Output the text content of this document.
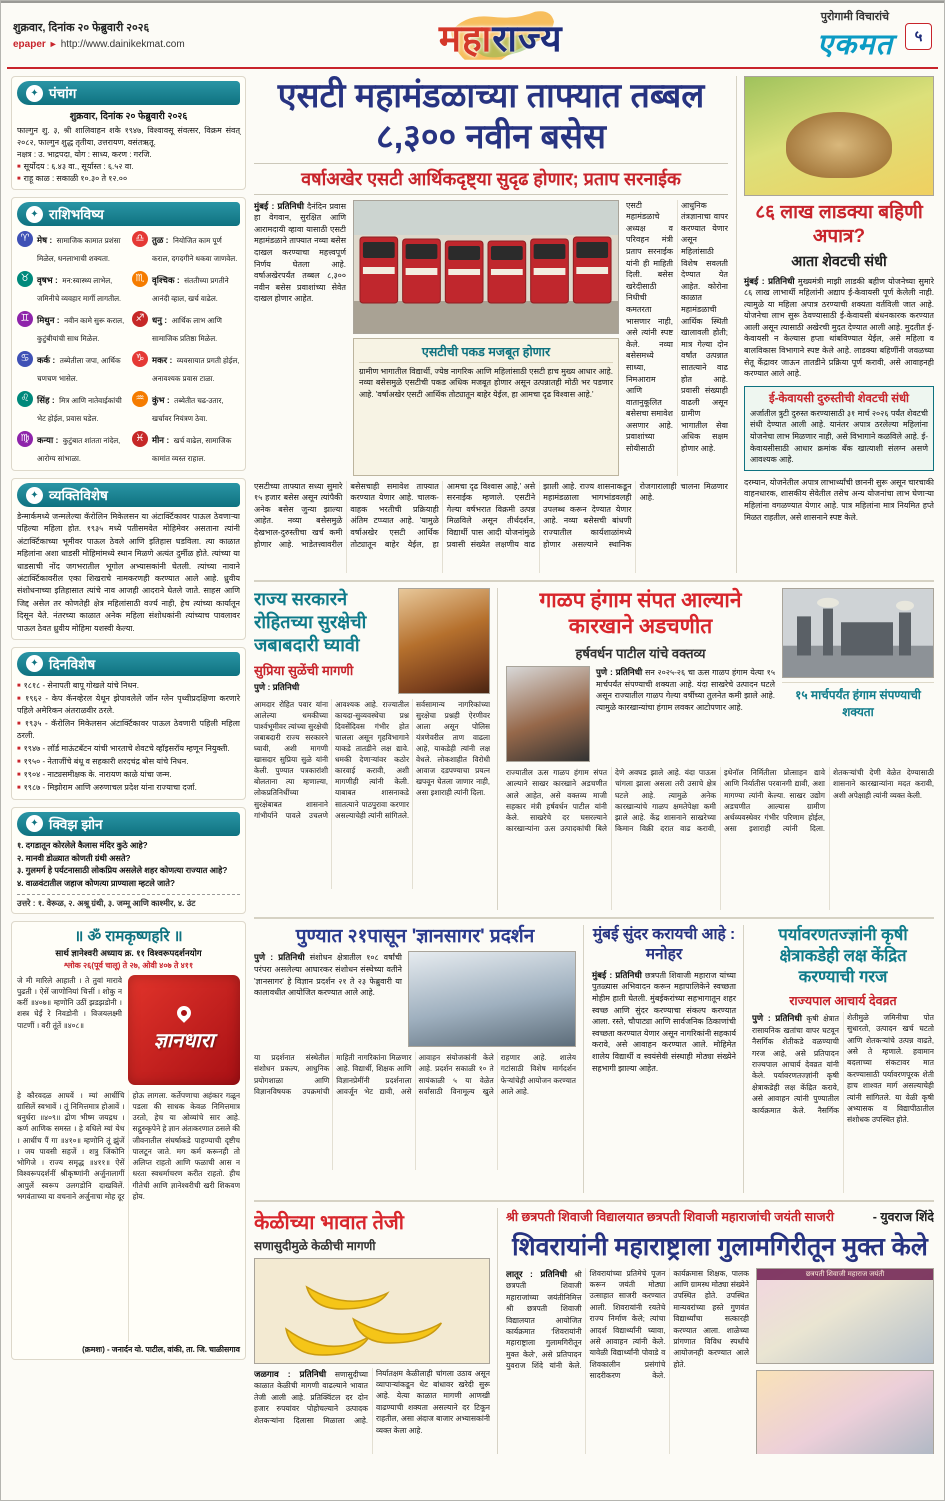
शुक्रवार, दिनांक २० फेब्रुवारी २०२६
epaper ► http://www.dainikekmat.com	महाराज्य
पुरोगामी विचारांचे
एकमत	५
✦ पंचांग
शुक्रवार, दिनांक २० फेब्रुवारी २०२६
फाल्गुन शु. ३, श्री शालिवाहन शके १९४७, विश्वावसू संवत्सर, विक्रम संवत् २०८२, फाल्गुन शुद्ध तृतीया, उत्तरायण, वसंतऋतू.
नक्षत्र : उ. भाद्रपदा, योग : साध्य, करण : गरजि.
■ सूर्योदय : ६.४३ वा., सूर्यास्त : ६.५२ वा.
■ राहू काळ : सकाळी १०.३० ते १२.००
✦ राशिभविष्य
♈ मेष : सामाजिक कामात प्रशंसा मिळेल, धनलाभाची शक्यता.
♎ तुळ : नियोजित काम पूर्ण कराल, दगदगीने थकवा जाणवेल.
♉ वृषभ : मन:स्वास्थ्य लाभेल, जमिनीचे व्यवहार मार्गी लागतील.
♏ वृश्चिक : संततीच्या प्रगतीने आनंदी व्हाल, खर्च वाढेल.
♊ मिथुन : नवीन कामे सुरू कराल, कुटुंबीयांची साथ मिळेल.
♐ धनु : आर्थिक लाभ आणि सामाजिक प्रतिष्ठा मिळेल.
♋ कर्क : तब्येतीला जपा, आर्थिक चणचण भासेल.
♑ मकर : व्यवसायात प्रगती होईल, अनावश्यक प्रवास टाळा.
♌ सिंह : मित्र आणि नातेवाईकांची भेट होईल, प्रवास घडेल.
♒ कुंभ : तब्येतीत चढ-उतार, खर्चावर नियंत्रण ठेवा.
♍ कन्या : कुटुंबात शांतता नांदेल, आरोग्य सांभाळा.
♓ मीन : खर्च वाढेल, सामाजिक कामांत व्यस्त राहाल.
✦ व्यक्तिविशेष
डेन्मार्कमध्ये जन्मलेल्या कॅरोलिन मिकेलसन या अंटार्क्टिकावर पाऊल ठेवणाऱ्या पहिल्या महिला होत. १९३५ मध्ये पतीसमवेत मोहिमेवर असताना त्यांनी अंटार्क्टिकाच्या भूमीवर पाऊल ठेवले आणि इतिहास घडविला. त्या काळात महिलांना अशा धाडसी मोहिमांमध्ये स्थान मिळणे अत्यंत दुर्मीळ होते. त्यांच्या या धाडसाची नोंद जगभरातील भूगोल अभ्यासकांनी घेतली. त्यांच्या नावाने अंटार्क्टिकावरील एका शिखराचे नामकरणही करण्यात आले आहे. ध्रुवीय संशोधनाच्या इतिहासात त्यांचे नाव आजही आदराने घेतले जाते. साहस आणि जिद्द असेल तर कोणतेही क्षेत्र महिलांसाठी वर्ज्य नाही, हेच त्यांच्या कार्यातून दिसून येते. नंतरच्या काळात अनेक महिला संशोधकांनी त्यांच्याच पावलावर पाऊल ठेवत ध्रुवीय मोहिमा यशस्वी केल्या.
✦ दिनविशेष
■ १८१८ - सेनापती बापू गोखले यांचे निधन.
■ १९६२ - केप कॅनव्हेरल येथून झेपावलेले जॉन ग्लेन पृथ्वीप्रदक्षिणा करणारे पहिले अमेरिकन अंतराळवीर ठरले.
■ १९३५ - कॅरोलिन मिकेलसन अंटार्क्टिकावर पाऊल ठेवणारी पहिली महिला ठरली.
■ १९४७ - लॉर्ड माऊंटबॅटन यांची भारताचे शेवटचे व्हॉइसरॉय म्हणून नियुक्ती.
■ १९५० - नेताजींचे बंधू व सहकारी शरदचंद्र बोस यांचे निधन.
■ १९०४ - नाट्यसमीक्षक के. नारायण काळे यांचा जन्म.
■ १९८७ - मिझोराम आणि अरुणाचल प्रदेश यांना राज्याचा दर्जा.
✦ क्विझ झोन
१. दगडातून कोरलेले कैलास मंदिर कुठे आहे?
२. मानवी डोळ्यात कोणती ग्रंथी असते?
३. गुलमर्ग हे पर्यटनासाठी लोकप्रिय असलेले शहर कोणत्या राज्यात आहे?
४. वाळवंटातील जहाज कोणत्या प्राण्याला म्हटले जाते?
उत्तरे : १. वेरूळ, २. अश्रू ग्रंथी, ३. जम्मू आणि काश्मीर, ४. उंट
॥ ॐ रामकृष्णहरि ॥
सार्थ ज्ञानेश्वरी अध्याय क्र. ११ विश्वरूपदर्शनयोग
श्लोक २६(पूर्व चालू) ते २७, ओवी ४०७ ते ४११
जे मी मारिले आहाती । ते तुवां मारावे पुढती । ऐसें जाणोनियां चित्तीं । शोकु न करीं ॥४०७॥ म्हणोनि उठीं झडझडोनी । शस्त्र घेईं रे निवडोनी । विजयलक्ष्मी पाटणीं । वरी तूंतें ॥४०८॥
ज्ञानधारा
हे कौरवदळ आघवें । म्यां आधींचि ग्रासिलें स्वभावें । तूं निमित्तमात्र होआवें । धनुर्धरा ॥४०९॥ द्रोण भीष्म जयद्रथ । कर्ण आणिक समस्त । हे वधिले म्यां येथ । आधींच पैं गा ॥४१०॥ म्हणोनि तूं झुंजें । जय पावसी सहजें । शत्रु जिंकोनि भोगिजे । राज्य समृद्ध ॥४११॥ ऐसें विश्वरूपदर्शनीं श्रीकृष्णांनी अर्जुनालागीं आपुलें स्वरूप उलगडोनि दाखविलें. भगवंताच्या या वचनाने अर्जुनाचा मोह दूर होऊ लागला. कर्तेपणाचा अहंकार गळून पडला की साधक केवळ निमित्तमात्र उरतो, हेच या ओव्यांचे सार आहे. सद्गुरुकृपेने हे ज्ञान अंतःकरणात ठसले की जीवनातील संघर्षाकडे पाहण्याची दृष्टीच पालटून जाते. मग कर्म करूनही तो अलिप्त राहतो आणि फळाची आस न धरता स्वधर्माचरण करीत राहतो. हीच गीतेची आणि ज्ञानेश्वरीची खरी शिकवण होय.
(क्रमशः) - जनार्दन यो. पाटील, वांकी, ता. जि. चाळीसगाव
एसटी महामंडळाच्या ताफ्यात तब्बल ८,३०० नवीन बसेस
वर्षाअखेर एसटी आर्थिकदृष्ट्या सुदृढ होणार; प्रताप सरनाईक
मुंबई : प्रतिनिधी दैनंदिन प्रवास हा वेगवान, सुरक्षित आणि आरामदायी व्हावा यासाठी एसटी महामंडळाने ताफ्यात नव्या बसेस दाखल करण्याचा महत्त्वपूर्ण निर्णय घेतला आहे. वर्षाअखेरपर्यंत तब्बल ८,३०० नवीन बसेस प्रवाशांच्या सेवेत दाखल होणार आहेत.
एसटीची पकड मजबूत होणार
ग्रामीण भागातील विद्यार्थी, ज्येष्ठ नागरिक आणि महिलांसाठी एसटी हाच मुख्य आधार आहे. नव्या बसेसमुळे एसटीची पकड अधिक मजबूत होणार असून उत्पन्नातही मोठी भर पडणार आहे. 'वर्षाअखेर एसटी आर्थिक तोट्यातून बाहेर येईल, हा आमचा दृढ विश्वास आहे.'
एसटी महामंडळाचे अध्यक्ष व परिवहन मंत्री प्रताप सरनाईक यांनी ही माहिती दिली. बसेस खरेदीसाठी निधीची कमतरता भासणार नाही, असे त्यांनी स्पष्ट केले. नव्या बसेसमध्ये साध्या, निमआराम आणि वातानुकूलित बसेसचा समावेश असणार आहे. प्रवाशांच्या सोयीसाठी आधुनिक तंत्रज्ञानाचा वापर करण्यात येणार असून महिलांसाठी विशेष सवलती देण्यात येत आहेत. कोरोना काळात महामंडळाची आर्थिक स्थिती खालावली होती; मात्र गेल्या दोन वर्षांत उत्पन्नात सातत्याने वाढ होत आहे. प्रवासी संख्याही वाढली असून ग्रामीण भागातील सेवा अधिक सक्षम होणार आहे.
एसटीच्या ताफ्यात सध्या सुमारे १५ हजार बसेस असून त्यांपैकी अनेक बसेस जुन्या झाल्या आहेत. नव्या बसेसमुळे देखभाल-दुरुस्तीचा खर्च कमी होणार आहे. भाडेतत्त्वावरील बसेसचाही समावेश ताफ्यात करण्यात येणार आहे. चालक-वाहक भरतीची प्रक्रियाही अंतिम टप्प्यात आहे. 'यामुळे वर्षाअखेर एसटी आर्थिक तोट्यातून बाहेर येईल, हा आमचा दृढ विश्वास आहे,' असे सरनाईक म्हणाले. एसटीने गेल्या वर्षभरात विक्रमी उत्पन्न मिळविले असून तीर्थदर्शन, विद्यार्थी पास आदी योजनांमुळे प्रवासी संख्येत लक्षणीय वाढ झाली आहे. राज्य शासनाकडून महामंडळाला भागभांडवलही उपलब्ध करून देण्यात येणार आहे. नव्या बसेसची बांधणी राज्यातील कार्यशाळांमध्ये होणार असल्याने स्थानिक रोजगारालाही चालना मिळणार आहे.
८६ लाख लाडक्या बहिणी अपात्र?
आता शेवटची संधी

मुंबई : प्रतिनिधी मुख्यमंत्री माझी लाडकी बहीण योजनेच्या सुमारे ८६ लाख लाभार्थी महिलांनी अद्याप ई-केवायसी पूर्ण केलेली नाही. त्यामुळे या महिला अपात्र ठरण्याची शक्यता वर्तविली जात आहे. योजनेचा लाभ सुरू ठेवण्यासाठी ई-केवायसी बंधनकारक करण्यात आली असून त्यासाठी अखेरची मुदत देण्यात आली आहे. मुदतीत ई-केवायसी न केल्यास हप्ता थांबविण्यात येईल, असे महिला व बालविकास विभागाने स्पष्ट केले आहे. लाडक्या बहिणींनी जवळच्या सेतू केंद्रावर जाऊन तातडीने प्रक्रिया पूर्ण करावी, असे आवाहनही करण्यात आले आहे.

ई-केवायसी दुरुस्तीची शेवटची संधी
अर्जातील त्रुटी दुरुस्त करण्यासाठी ३१ मार्च २०२६ पर्यंत शेवटची संधी देण्यात आली आहे. यानंतर अपात्र ठरलेल्या महिलांना योजनेचा लाभ मिळणार नाही, असे विभागाने कळविले आहे. ई-केवायसीसाठी आधार क्रमांक बँक खात्याशी संलग्न असणे आवश्यक आहे.

दरम्यान, योजनेतील अपात्र लाभार्थ्यांची छाननी सुरू असून चारचाकी वाहनधारक, शासकीय सेवेतील तसेच अन्य योजनांचा लाभ घेणाऱ्या महिलांना वगळण्यात येणार आहे. पात्र महिलांना मात्र नियमित हप्ते मिळत राहतील, असे शासनाने स्पष्ट केले.

राज्य सरकारने रोहितच्या सुरक्षेची जबाबदारी घ्यावी
सुप्रिया सुळेंची मागणी
पुणे : प्रतिनिधी
आमदार रोहित पवार यांना आलेल्या धमकीच्या पार्श्वभूमीवर त्यांच्या सुरक्षेची जबाबदारी राज्य सरकारने घ्यावी, अशी मागणी खासदार सुप्रिया सुळे यांनी केली. पुण्यात पत्रकारांशी बोलताना त्या म्हणाल्या, लोकप्रतिनिधींच्या सुरक्षेबाबत शासनाने गांभीर्याने पावले उचलणे आवश्यक आहे. राज्यातील कायदा-सुव्यवस्थेचा प्रश्न दिवसेंदिवस गंभीर होत चालला असून गृहविभागाने याकडे तातडीने लक्ष द्यावे. धमकी देणाऱ्यांवर कठोर कारवाई करावी, अशी मागणीही त्यांनी केली. याबाबत शासनाकडे सातत्याने पाठपुरावा करणार असल्याचेही त्यांनी सांगितले. सर्वसामान्य नागरिकांच्या सुरक्षेचा प्रश्नही ऐरणीवर आला असून पोलिस यंत्रणेवरील ताण वाढला आहे, याकडेही त्यांनी लक्ष वेधले. लोकशाहीत विरोधी आवाज दडपण्याचा प्रयत्न खपवून घेतला जाणार नाही, असा इशाराही त्यांनी दिला.
गाळप हंगाम संपत आल्याने कारखाने अडचणीत
हर्षवर्धन पाटील यांचे वक्तव्य
पुणे : प्रतिनिधी सन २०२५-२६ चा ऊस गाळप हंगाम येत्या १५ मार्चपर्यंत संपण्याची शक्यता आहे. यंदा साखरेचे उत्पादन घटले असून राज्यातील गाळप गेल्या वर्षीच्या तुलनेत कमी झाले आहे. त्यामुळे कारखान्यांचा हंगाम लवकर आटोपणार आहे.
१५ मार्चपर्यंत हंगाम संपण्याची शक्यता
राज्यातील ऊस गाळप हंगाम संपत आल्याने साखर कारखाने अडचणीत आले आहेत, असे वक्तव्य माजी सहकार मंत्री हर्षवर्धन पाटील यांनी केले. साखरेचे दर घसरल्याने कारखान्यांना ऊस उत्पादकांची बिले देणे अवघड झाले आहे. यंदा पाऊस चांगला झाला असला तरी उसाचे क्षेत्र घटले आहे. त्यामुळे अनेक कारखान्यांचे गाळप क्षमतेपेक्षा कमी झाले आहे. केंद्र शासनाने साखरेच्या किमान विक्री दरात वाढ करावी, इथेनॉल निर्मितीला प्रोत्साहन द्यावे आणि निर्यातीस परवानगी द्यावी, अशा मागण्या त्यांनी केल्या. साखर उद्योग अडचणीत आल्यास ग्रामीण अर्थव्यवस्थेवर गंभीर परिणाम होईल, असा इशाराही त्यांनी दिला. शेतकऱ्यांची देणी वेळेत देण्यासाठी शासनाने कारखान्यांना मदत करावी, अशी अपेक्षाही त्यांनी व्यक्त केली.
पुण्यात २१पासून 'ज्ञानसागर' प्रदर्शन
पुणे : प्रतिनिधी संशोधन क्षेत्रातील १०८ वर्षांची परंपरा असलेल्या आघारकर संशोधन संस्थेच्या वतीने 'ज्ञानसागर' हे विज्ञान प्रदर्शन २१ ते २३ फेब्रुवारी या कालावधीत आयोजित करण्यात आले आहे.
या प्रदर्शनात संस्थेतील संशोधन प्रकल्प, आधुनिक प्रयोगशाळा आणि विज्ञानविषयक उपक्रमांची माहिती नागरिकांना मिळणार आहे. विद्यार्थी, शिक्षक आणि विज्ञानप्रेमींनी प्रदर्शनाला आवर्जून भेट द्यावी, असे आवाहन संयोजकांनी केले आहे. प्रदर्शन सकाळी १० ते सायंकाळी ५ या वेळेत सर्वांसाठी विनामूल्य खुले राहणार आहे. शालेय गटांसाठी विशेष मार्गदर्शन फेऱ्यांचेही आयोजन करण्यात आले आहे.
मुंबई सुंदर करायची आहे : मनोहर

मुंबई : प्रतिनिधी छत्रपती शिवाजी महाराज यांच्या पुतळ्यास अभिवादन करून महापालिकेने स्वच्छता मोहीम हाती घेतली. मुंबईकरांच्या सहभागातून शहर स्वच्छ आणि सुंदर करण्याचा संकल्प करण्यात आला. रस्ते, चौपाट्या आणि सार्वजनिक ठिकाणांची स्वच्छता करण्यात येणार असून नागरिकांनी सहकार्य करावे, असे आवाहन करण्यात आले. मोहिमेत शालेय विद्यार्थी व स्वयंसेवी संस्थाही मोठ्या संख्येने सहभागी झाल्या आहेत.

पर्यावरणतज्ज्ञांनी कृषी क्षेत्राकडेही लक्ष केंद्रित करण्याची गरज
राज्यपाल आचार्य देवव्रत
पुणे : प्रतिनिधी कृषी क्षेत्रात रासायनिक खतांचा वापर घटवून नैसर्गिक शेतीकडे वळण्याची गरज आहे, असे प्रतिपादन राज्यपाल आचार्य देवव्रत यांनी केले. पर्यावरणतज्ज्ञांनी कृषी क्षेत्राकडेही लक्ष केंद्रित करावे, असे आवाहन त्यांनी पुण्यातील कार्यक्रमात केले. नैसर्गिक शेतीमुळे जमिनीचा पोत सुधारतो, उत्पादन खर्च घटतो आणि शेतकऱ्यांचे उत्पन्न वाढते, असे ते म्हणाले. हवामान बदलाच्या संकटावर मात करण्यासाठी पर्यावरणपूरक शेती हाच शाश्वत मार्ग असल्याचेही त्यांनी सांगितले. या वेळी कृषी अभ्यासक व विद्यापीठातील संशोधक उपस्थित होते.
केळीच्या भावात तेजी
सणासुदीमुळे केळीची मागणी
जळगाव : प्रतिनिधी सणासुदीच्या काळात केळीची मागणी वाढल्याने भावात तेजी आली आहे. प्रतिक्विंटल दर दोन हजार रुपयांवर पोहोचल्याने उत्पादक शेतकऱ्यांना दिलासा मिळाला आहे. निर्यातक्षम केळीलाही चांगला उठाव असून व्यापाऱ्यांकडून थेट बांधावर खरेदी सुरू आहे. येत्या काळात मागणी आणखी वाढण्याची शक्यता असल्याने दर टिकून राहतील, असा अंदाज बाजार अभ्यासकांनी व्यक्त केला आहे.
श्री छत्रपती शिवाजी विद्यालयात छत्रपती शिवाजी महाराजांची जयंती साजरी	- युवराज शिंदे
शिवरायांनी महाराष्ट्राला गुलामगिरीतून मुक्त केले
लातूर : प्रतिनिधी श्री छत्रपती शिवाजी महाराजांच्या जयंतीनिमित्त श्री छत्रपती शिवाजी विद्यालयात आयोजित कार्यक्रमात 'शिवरायांनी महाराष्ट्राला गुलामगिरीतून मुक्त केले', असे प्रतिपादन युवराज शिंदे यांनी केले. शिवरायांच्या प्रतिमेचे पूजन करून जयंती मोठ्या उत्साहात साजरी करण्यात आली. शिवरायांनी रयतेचे राज्य निर्माण केले; त्यांचा आदर्श विद्यार्थ्यांनी घ्यावा, असे आवाहन त्यांनी केले. यावेळी विद्यार्थ्यांनी पोवाडे व शिवकालीन प्रसंगांचे सादरीकरण केले. कार्यक्रमास शिक्षक, पालक आणि ग्रामस्थ मोठ्या संख्येने उपस्थित होते. उपस्थित मान्यवरांच्या हस्ते गुणवंत विद्यार्थ्यांचा सत्कारही करण्यात आला. शाळेच्या प्रांगणात विविध स्पर्धांचे आयोजनही करण्यात आले होते.
छत्रपती शिवाजी महाराज जयंती
